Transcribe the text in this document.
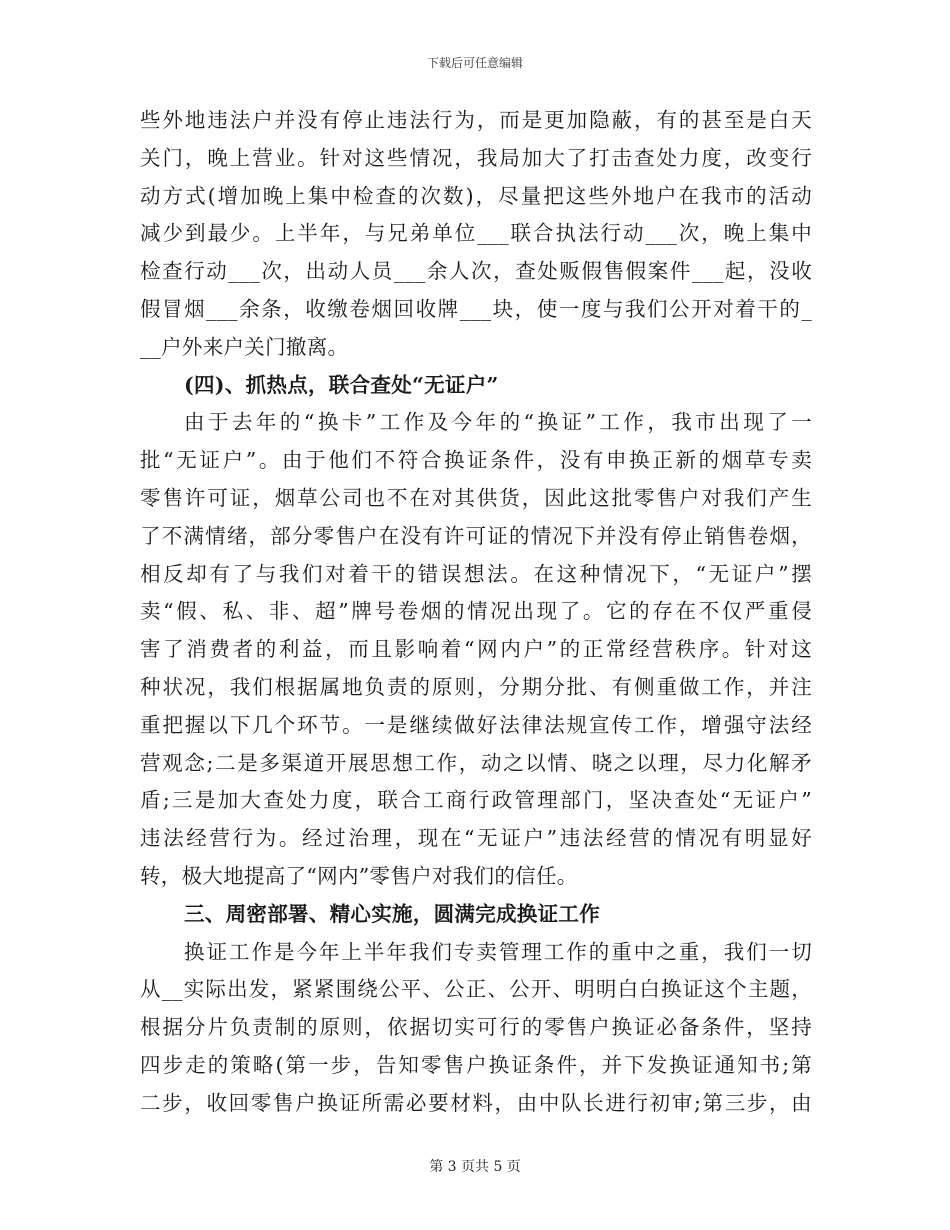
下载后可任意编辑
些外地违法户并没有停止违法行为，而是更加隐蔽，有的甚至是白天
关门，晚上营业。针对这些情况，我局加大了打击查处力度，改变行
动方式(增加晚上集中检查的次数)，尽量把这些外地户在我市的活动
减少到最少。上半年，与兄弟单位___联合执法行动___次，晚上集中
检查行动___次，出动人员___余人次，查处贩假售假案件___起，没收
假冒烟___余条，收缴卷烟回收牌___块，使一度与我们公开对着干的_
__户外来户关门撤离。
(四)、抓热点，联合查处“无证户”
由于去年的“换卡”工作及今年的“换证”工作，我市出现了一
批“无证户”。由于他们不符合换证条件，没有申换正新的烟草专卖
零售许可证，烟草公司也不在对其供货，因此这批零售户对我们产生
了不满情绪，部分零售户在没有许可证的情况下并没有停止销售卷烟，
相反却有了与我们对着干的错误想法。在这种情况下，“无证户”摆
卖“假、私、非、超”牌号卷烟的情况出现了。它的存在不仅严重侵
害了消费者的利益，而且影响着“网内户”的正常经营秩序。针对这
种状况，我们根据属地负责的原则，分期分批、有侧重做工作，并注
重把握以下几个环节。一是继续做好法律法规宣传工作，增强守法经
营观念;二是多渠道开展思想工作，动之以情、晓之以理，尽力化解矛
盾;三是加大查处力度，联合工商行政管理部门，坚决查处“无证户”
违法经营行为。经过治理，现在“无证户”违法经营的情况有明显好
转，极大地提高了“网内”零售户对我们的信任。
三、周密部署、精心实施，圆满完成换证工作
换证工作是今年上半年我们专卖管理工作的重中之重，我们一切
从__实际出发，紧紧围绕公平、公正、公开、明明白白换证这个主题，
根据分片负责制的原则，依据切实可行的零售户换证必备条件，坚持
四步走的策略(第一步，告知零售户换证条件，并下发换证通知书;第
二步，收回零售户换证所需必要材料，由中队长进行初审;第三步，由
第 3 页共 5 页
